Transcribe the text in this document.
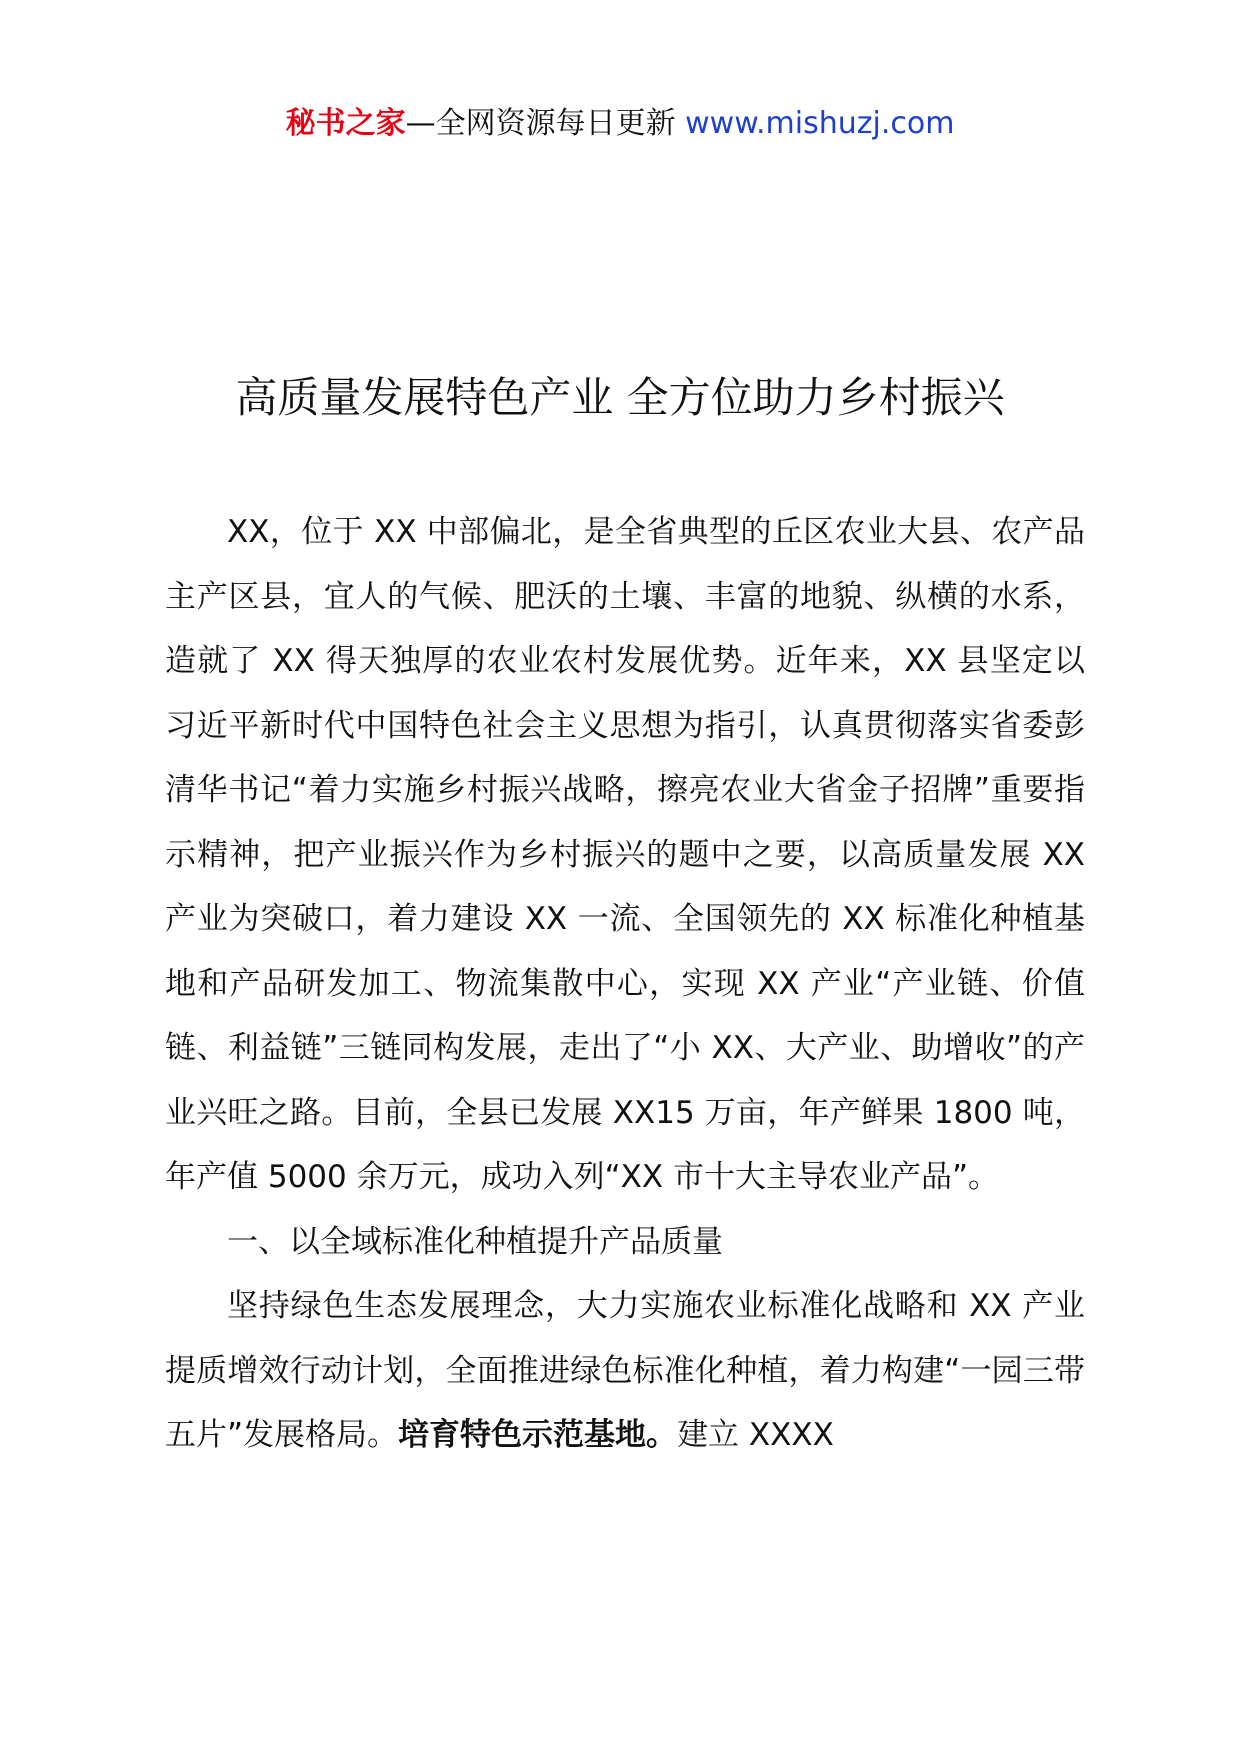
秘书之家—全网资源每日更新 www.mishuzj.com
高质量发展特色产业 全方位助力乡村振兴

XX，位于 XX 中部偏北，是全省典型的丘区农业大县、农产品主产区县，宜人的气候、肥沃的土壤、丰富的地貌、纵横的水系，造就了 XX 得天独厚的农业农村发展优势。近年来，XX 县坚定以习近平新时代中国特色社会主义思想为指引，认真贯彻落实省委彭清华书记“着力实施乡村振兴战略，擦亮农业大省金子招牌”重要指示精神，把产业振兴作为乡村振兴的题中之要，以高质量发展 XX 产业为突破口，着力建设 XX 一流、全国领先的 XX 标准化种植基地和产品研发加工、物流集散中心，实现 XX 产业“产业链、价值链、利益链”三链同构发展，走出了“小 XX、大产业、助增收”的产业兴旺之路。目前，全县已发展 XX15 万亩，年产鲜果 1800 吨，年产值 5000 余万元，成功入列“XX 市十大主导农业产品”。

一、以全域标准化种植提升产品质量

坚持绿色生态发展理念，大力实施农业标准化战略和 XX 产业提质增效行动计划，全面推进绿色标准化种植，着力构建“一园三带五片”发展格局。培育特色示范基地。建立 XXXX
